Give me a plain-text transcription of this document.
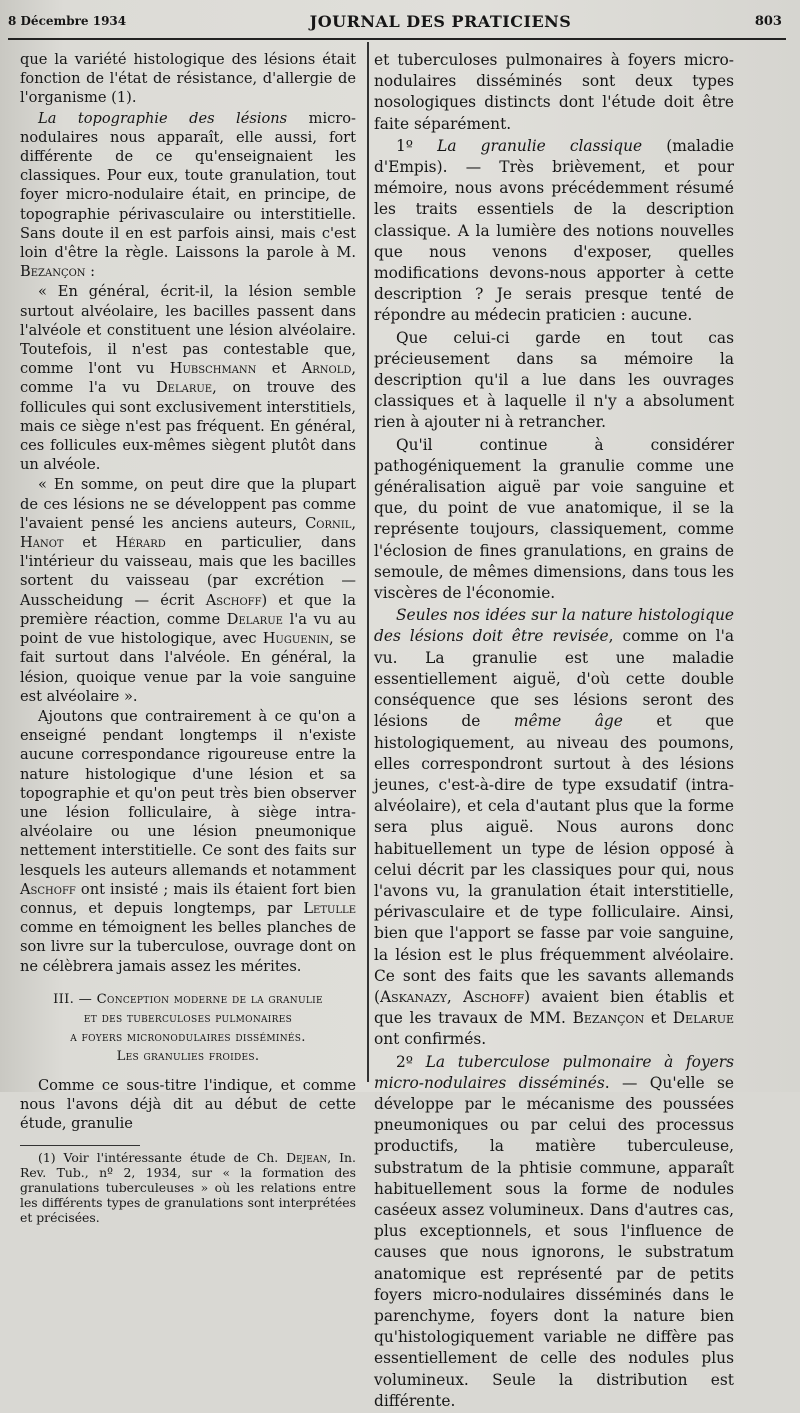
8 Décembre 1934	JOURNAL DES PRATICIENS	803

que la variété histologique des lésions était fonction de l'état de résistance, d'allergie de l'organisme (1).

La topographie des lésions micro-nodulaires nous apparaît, elle aussi, fort différente de ce qu'enseignaient les classiques. Pour eux, toute granulation, tout foyer micro-nodulaire était, en principe, de topographie périvasculaire ou interstitielle. Sans doute il en est parfois ainsi, mais c'est loin d'être la règle. Laissons la parole à M. Bezançon :

« En général, écrit-il, la lésion semble surtout alvéolaire, les bacilles passent dans l'alvéole et constituent une lésion alvéolaire. Toutefois, il n'est pas contestable que, comme l'ont vu Hubschmann et Arnold, comme l'a vu Delarue, on trouve des follicules qui sont exclusivement interstitiels, mais ce siège n'est pas fréquent. En général, ces follicules eux-mêmes siègent plutôt dans un alvéole.

« En somme, on peut dire que la plupart de ces lésions ne se développent pas comme l'avaient pensé les anciens auteurs, Cornil, Hanot et Hérard en particulier, dans l'intérieur du vaisseau, mais que les bacilles sortent du vaisseau (par excrétion — Ausscheidung — écrit Aschoff) et que la première réaction, comme Delarue l'a vu au point de vue histologique, avec Huguenin, se fait surtout dans l'alvéole. En général, la lésion, quoique venue par la voie sanguine est alvéolaire ».

Ajoutons que contrairement à ce qu'on a enseigné pendant longtemps il n'existe aucune correspondance rigoureuse entre la nature histologique d'une lésion et sa topographie et qu'on peut très bien observer une lésion folliculaire, à siège intra-alvéolaire ou une lésion pneumonique nettement interstitielle. Ce sont des faits sur lesquels les auteurs allemands et notamment Aschoff ont insisté ; mais ils étaient fort bien connus, et depuis longtemps, par Letulle comme en témoignent les belles planches de son livre sur la tuberculose, ouvrage dont on ne célèbrera jamais assez les mérites.

III. — Conception moderne de la granulie
et des tuberculoses pulmonaires
a foyers micronodulaires disséminés.
Les granulies froides.

Comme ce sous-titre l'indique, et comme nous l'avons déjà dit au début de cette étude, granulie

(1) Voir l'intéressante étude de Ch. Dejean, In. Rev. Tub., nº 2, 1934, sur « la formation des granulations tuberculeuses » où les relations entre les différents types de granulations sont interprétées et précisées.

et tuberculoses pulmonaires à foyers micro-nodulaires disséminés sont deux types nosologiques distincts dont l'étude doit être faite séparément.

1º La granulie classique (maladie d'Empis). — Très brièvement, et pour mémoire, nous avons précédemment résumé les traits essentiels de la description classique. A la lumière des notions nouvelles que nous venons d'exposer, quelles modifications devons-nous apporter à cette description ? Je serais presque tenté de répondre au médecin praticien : aucune.

Que celui-ci garde en tout cas précieusement dans sa mémoire la description qu'il a lue dans les ouvrages classiques et à laquelle il n'y a absolument rien à ajouter ni à retrancher.

Qu'il continue à considérer pathogéniquement la granulie comme une généralisation aiguë par voie sanguine et que, du point de vue anatomique, il se la représente toujours, classiquement, comme l'éclosion de fines granulations, en grains de semoule, de mêmes dimensions, dans tous les viscères de l'économie.

Seules nos idées sur la nature histologique des lésions doit être revisée, comme on l'a vu. La granulie est une maladie essentiellement aiguë, d'où cette double conséquence que ses lésions seront des lésions de même âge et que histologiquement, au niveau des poumons, elles correspondront surtout à des lésions jeunes, c'est-à-dire de type exsudatif (intra-alvéolaire), et cela d'autant plus que la forme sera plus aiguë. Nous aurons donc habituellement un type de lésion opposé à celui décrit par les classiques pour qui, nous l'avons vu, la granulation était interstitielle, périvasculaire et de type folliculaire. Ainsi, bien que l'apport se fasse par voie sanguine, la lésion est le plus fréquemment alvéolaire. Ce sont des faits que les savants allemands (Askanazy, Aschoff) avaient bien établis et que les travaux de MM. Bezançon et Delarue ont confirmés.

2º La tuberculose pulmonaire à foyers micro-nodulaires disséminés. — Qu'elle se développe par le mécanisme des poussées pneumoniques ou par celui des processus productifs, la matière tuberculeuse, substratum de la phtisie commune, apparaît habituellement sous la forme de nodules caséeux assez volumineux. Dans d'autres cas, plus exceptionnels, et sous l'influence de causes que nous ignorons, le substratum anatomique est représenté par de petits foyers micro-nodulaires disséminés dans le parenchyme, foyers dont la nature bien qu'histologiquement variable ne diffère pas essentiellement de celle des nodules plus volumineux. Seule la distribution est différente.
